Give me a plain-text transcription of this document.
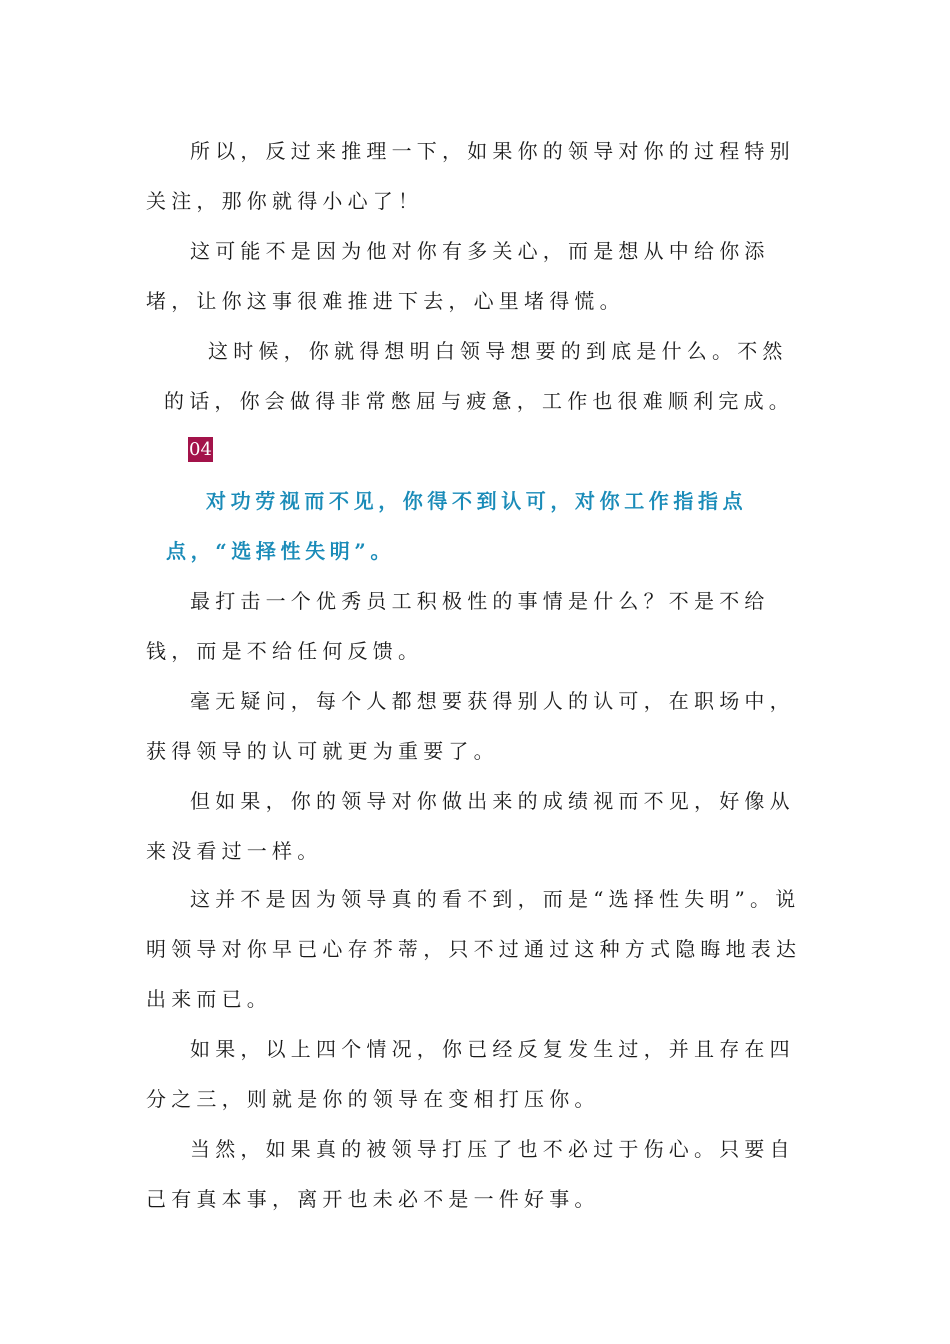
所以，反过来推理一下，如果你的领导对你的过程特别关注，那你就得小心了！

这可能不是因为他对你有多关心，而是想从中给你添堵，让你这事很难推进下去，心里堵得慌。

这时候，你就得想明白领导想要的到底是什么。不然的话，你会做得非常憋屈与疲惫，工作也很难顺利完成。

04

对功劳视而不见，你得不到认可，对你工作指指点点，“选择性失明”。

最打击一个优秀员工积极性的事情是什么？不是不给钱，而是不给任何反馈。

毫无疑问，每个人都想要获得别人的认可，在职场中，获得领导的认可就更为重要了。

但如果，你的领导对你做出来的成绩视而不见，好像从来没看过一样。

这并不是因为领导真的看不到，而是“选择性失明”。说明领导对你早已心存芥蒂，只不过通过这种方式隐晦地表达出来而已。

如果，以上四个情况，你已经反复发生过，并且存在四分之三，则就是你的领导在变相打压你。

当然，如果真的被领导打压了也不必过于伤心。只要自己有真本事，离开也未必不是一件好事。
